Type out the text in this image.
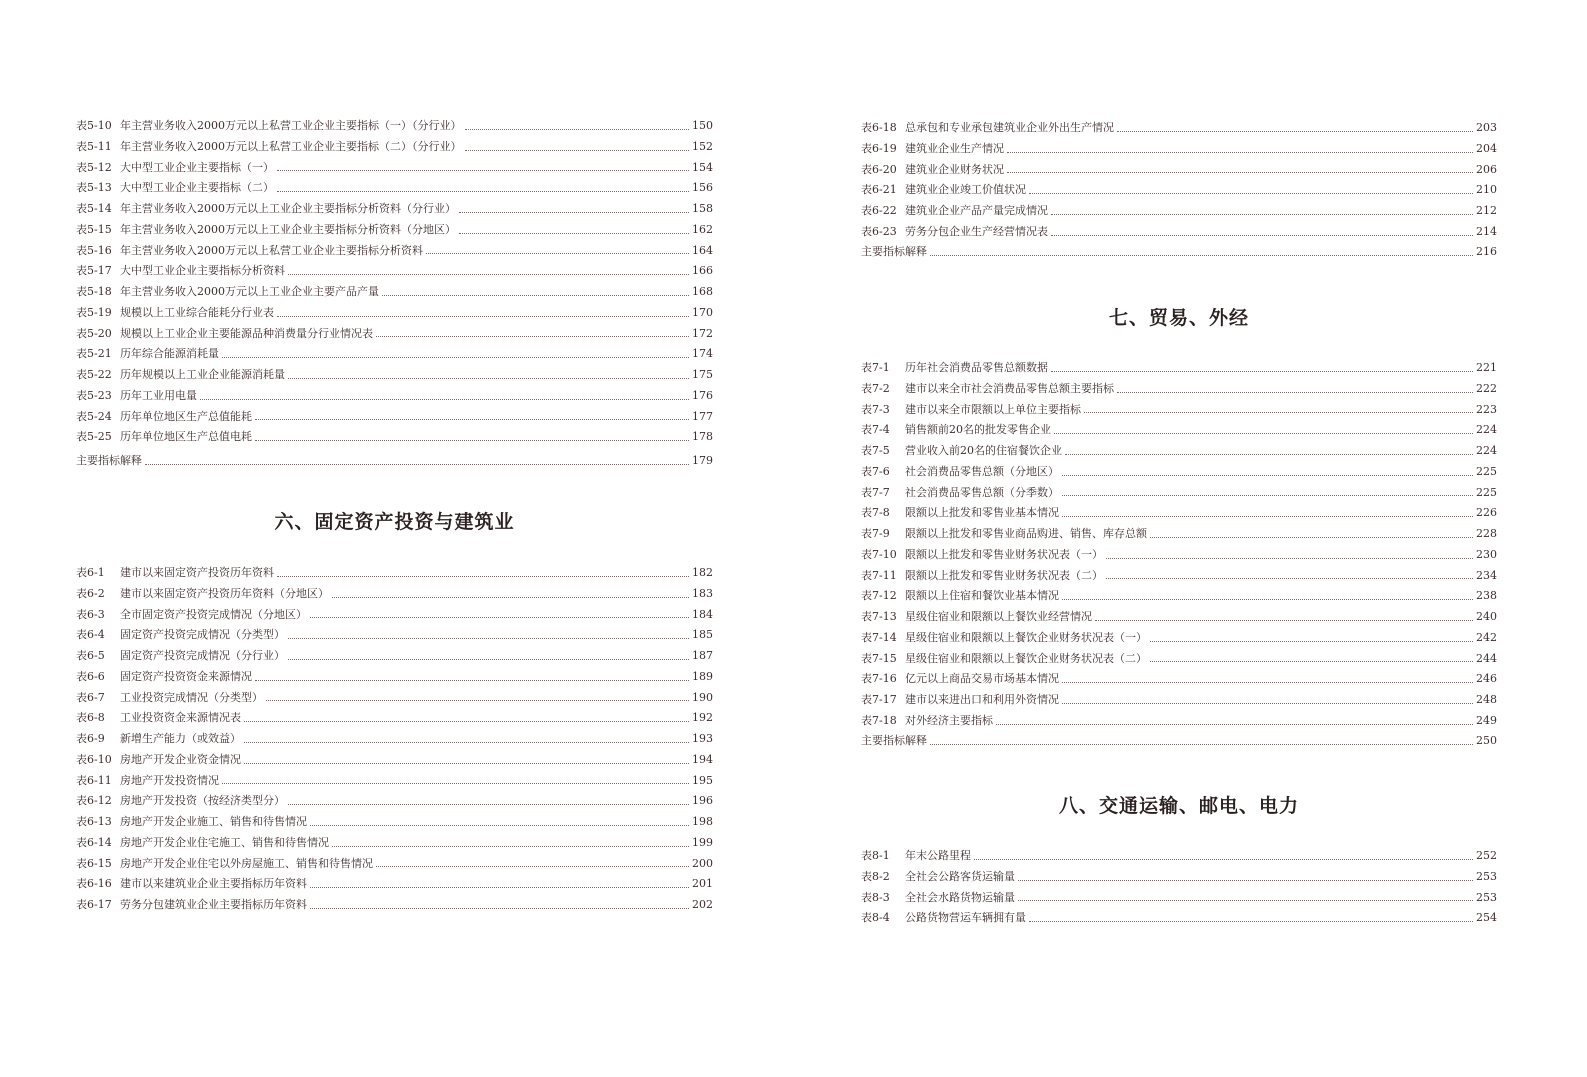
表5-10 年主营业务收入2000万元以上私营工业企业主要指标（一）（分行业）	150
表5-11 年主营业务收入2000万元以上私营工业企业主要指标（二）（分行业）	152
表5-12 大中型工业企业主要指标（一）	154
表5-13 大中型工业企业主要指标（二）	156
表5-14 年主营业务收入2000万元以上工业企业主要指标分析资料（分行业）	158
表5-15 年主营业务收入2000万元以上工业企业主要指标分析资料（分地区）	162
表5-16 年主营业务收入2000万元以上私营工业企业主要指标分析资料	164
表5-17 大中型工业企业主要指标分析资料	166
表5-18 年主营业务收入2000万元以上工业企业主要产品产量	168
表5-19 规模以上工业综合能耗分行业表	170
表5-20 规模以上工业企业主要能源品种消费量分行业情况表	172
表5-21 历年综合能源消耗量	174
表5-22 历年规模以上工业企业能源消耗量	175
表5-23 历年工业用电量	176
表5-24 历年单位地区生产总值能耗	177
表5-25 历年单位地区生产总值电耗	178
主要指标解释	179
六、固定资产投资与建筑业
表6-1	建市以来固定资产投资历年资料	182
表6-2	建市以来固定资产投资历年资料（分地区）	183
表6-3	全市固定资产投资完成情况（分地区）	184
表6-4	固定资产投资完成情况（分类型）	185
表6-5	固定资产投资完成情况（分行业）	187
表6-6	固定资产投资资金来源情况	189
表6-7	工业投资完成情况（分类型）	190
表6-8	工业投资资金来源情况表	192
表6-9	新增生产能力（或效益）	193
表6-10 房地产开发企业资金情况	194
表6-11 房地产开发投资情况	195
表6-12 房地产开发投资（按经济类型分）	196
表6-13 房地产开发企业施工、销售和待售情况	198
表6-14 房地产开发企业住宅施工、销售和待售情况	199
表6-15 房地产开发企业住宅以外房屋施工、销售和待售情况	200
表6-16 建市以来建筑业企业主要指标历年资料	201
表6-17 劳务分包建筑业企业主要指标历年资料	202
表6-18 总承包和专业承包建筑业企业外出生产情况	203
表6-19 建筑业企业生产情况	204
表6-20 建筑业企业财务状况	206
表6-21 建筑业企业竣工价值状况	210
表6-22 建筑业企业产品产量完成情况	212
表6-23 劳务分包企业生产经营情况表	214
主要指标解释	216
七、贸易、外经
表7-1	历年社会消费品零售总额数据	221
表7-2	建市以来全市社会消费品零售总额主要指标	222
表7-3	建市以来全市限额以上单位主要指标	223
表7-4	销售额前20名的批发零售企业	224
表7-5	营业收入前20名的住宿餐饮企业	224
表7-6	社会消费品零售总额（分地区）	225
表7-7	社会消费品零售总额（分季数）	225
表7-8	限额以上批发和零售业基本情况	226
表7-9	限额以上批发和零售业商品购进、销售、库存总额	228
表7-10 限额以上批发和零售业财务状况表（一）	230
表7-11 限额以上批发和零售业财务状况表（二）	234
表7-12 限额以上住宿和餐饮业基本情况	238
表7-13 星级住宿业和限额以上餐饮业经营情况	240
表7-14 星级住宿业和限额以上餐饮企业财务状况表（一）	242
表7-15 星级住宿业和限额以上餐饮企业财务状况表（二）	244
表7-16 亿元以上商品交易市场基本情况	246
表7-17 建市以来进出口和利用外资情况	248
表7-18 对外经济主要指标	249
主要指标解释	250
八、交通运输、邮电、电力
表8-1	年末公路里程	252
表8-2	全社会公路客货运输量	253
表8-3	全社会水路货物运输量	253
表8-4	公路货物营运车辆拥有量	254
